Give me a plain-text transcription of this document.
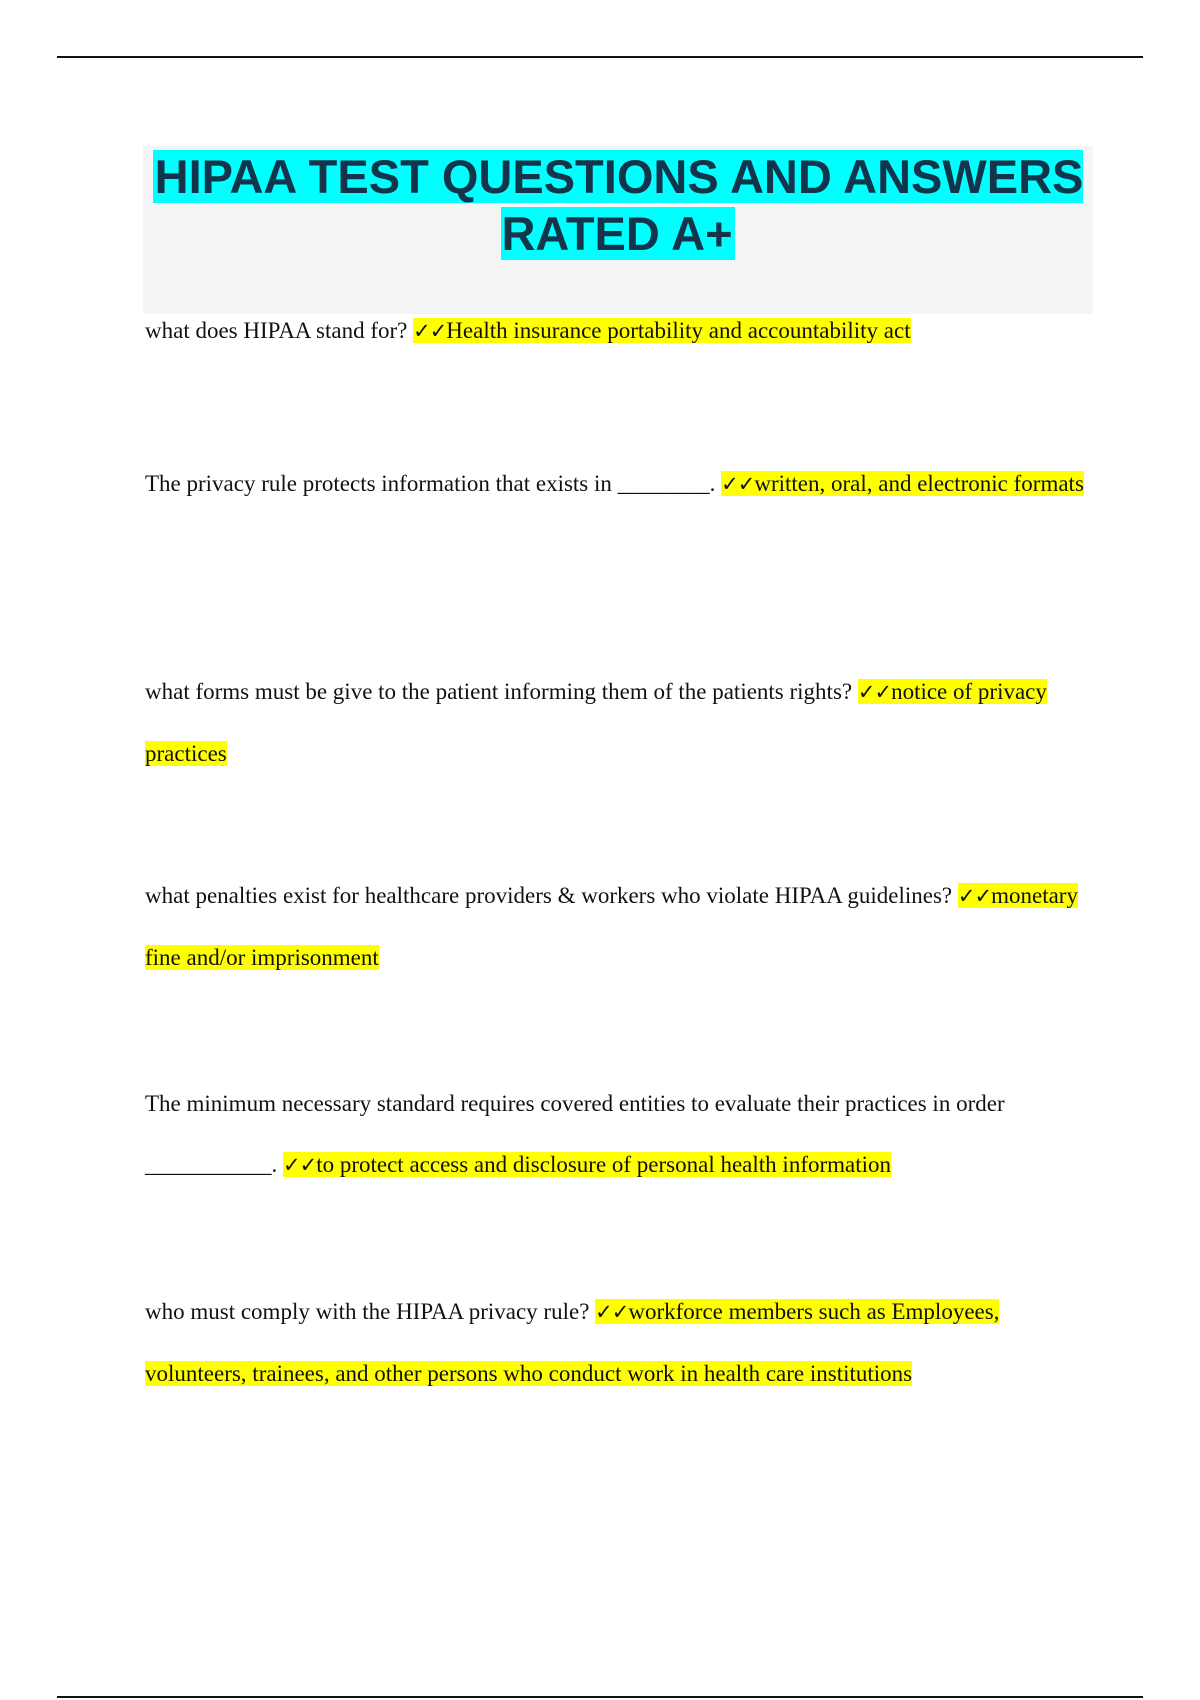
HIPAA TEST QUESTIONS AND ANSWERS RATED A+

what does HIPAA stand for? ✓✓Health insurance portability and accountability act

The privacy rule protects information that exists in ________. ✓✓written, oral, and electronic formats

what forms must be give to the patient informing them of the patients rights? ✓✓notice of privacy practices

what penalties exist for healthcare providers & workers who violate HIPAA guidelines? ✓✓monetary fine and/or imprisonment

The minimum necessary standard requires covered entities to evaluate their practices in order ___________. ✓✓to protect access and disclosure of personal health information

who must comply with the HIPAA privacy rule? ✓✓workforce members such as Employees, volunteers, trainees, and other persons who conduct work in health care institutions
